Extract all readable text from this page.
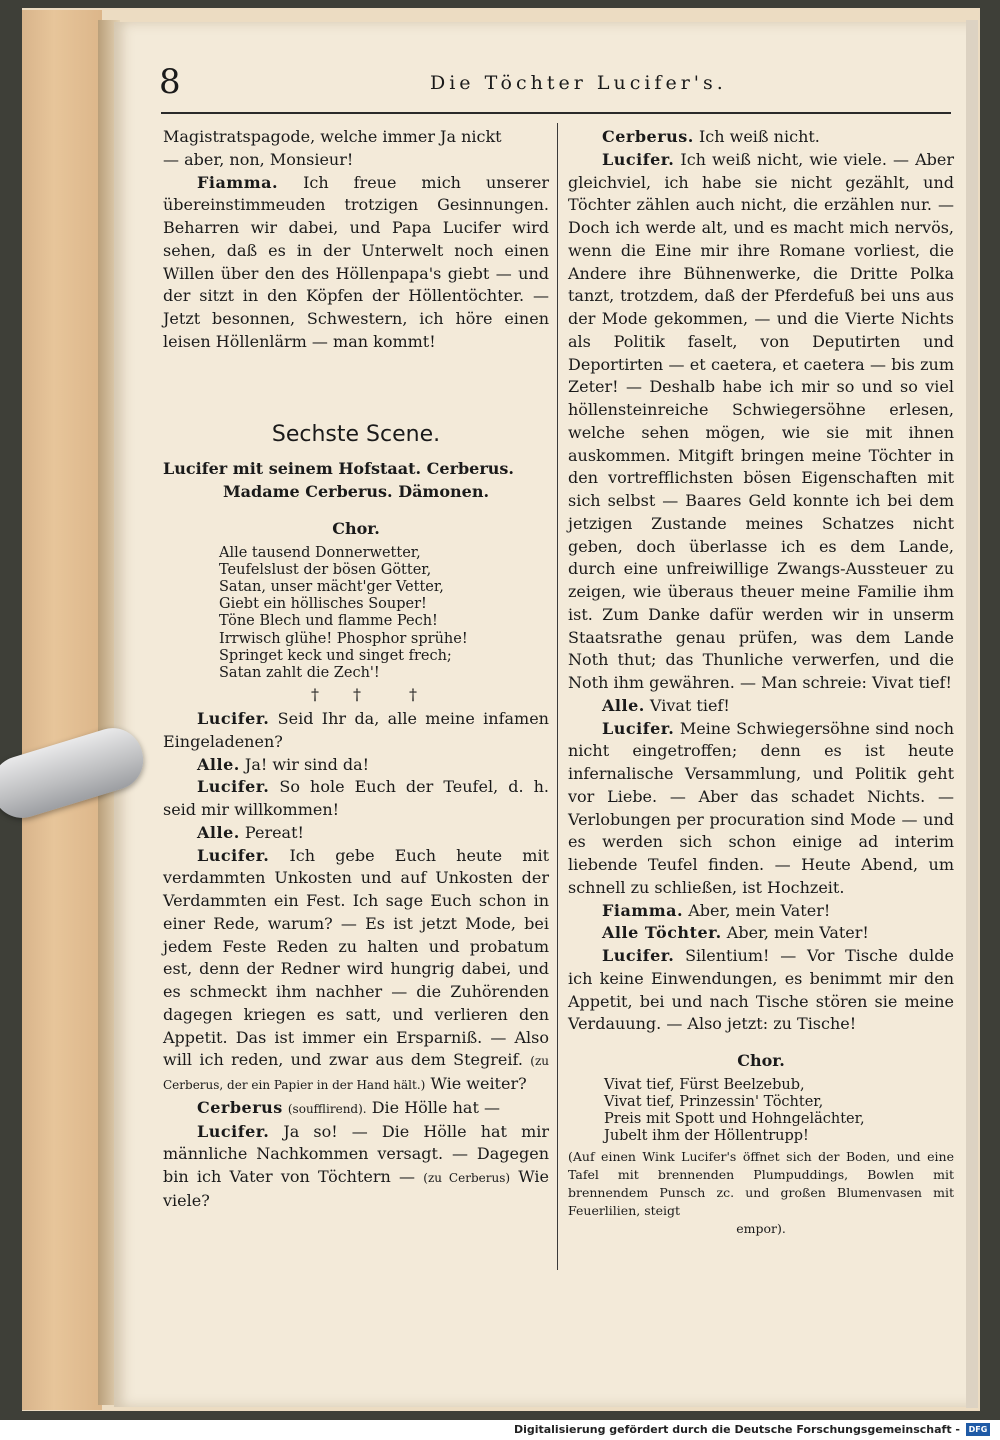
8	Die Töchter Lucifer's.

Magistratspagode, welche immer Ja nickt

— aber, non, Monsieur!

Fiamma. Ich freue mich unserer übereinstimmeuden trotzigen Gesinnungen. Beharren wir dabei, und Papa Lucifer wird sehen, daß es in der Unterwelt noch einen Willen über den des Höllenpapa's giebt — und der sitzt in den Köpfen der Höllentöchter. — Jetzt besonnen, Schwestern, ich höre einen leisen Höllenlärm — man kommt!

Sechste Scene.

Lucifer mit seinem Hofstaat. Cerberus.

Madame Cerberus. Dämonen.

Chor.
Alle tausend Donnerwetter,
Teufelslust der bösen Götter,
Satan, unser mächt'ger Vetter,
Giebt ein höllisches Souper!
Töne Blech und flamme Pech!
Irrwisch glühe! Phosphor sprühe!
Springet keck und singet frech;
Satan zahlt die Zech'!
† †	†

Lucifer. Seid Ihr da, alle meine infamen Eingeladenen?

Alle. Ja! wir sind da!

Lucifer. So hole Euch der Teufel, d. h. seid mir willkommen!

Alle. Pereat!

Lucifer. Ich gebe Euch heute mit verdammten Unkosten und auf Unkosten der Verdammten ein Fest. Ich sage Euch schon in einer Rede, warum? — Es ist jetzt Mode, bei jedem Feste Reden zu halten und probatum est, denn der Redner wird hungrig dabei, und es schmeckt ihm nachher — die Zuhörenden dagegen kriegen es satt, und verlieren den Appetit. Das ist immer ein Ersparniß. — Also will ich reden, und zwar aus dem Stegreif. (zu Cerberus, der ein Papier in der Hand hält.) Wie weiter?

Cerberus (soufflirend). Die Hölle hat —

Lucifer. Ja so! — Die Hölle hat mir männliche Nachkommen versagt. — Dagegen bin ich Vater von Töchtern — (zu Cerberus) Wie viele?

Cerberus. Ich weiß nicht.

Lucifer. Ich weiß nicht, wie viele. — Aber gleichviel, ich habe sie nicht gezählt, und Töchter zählen auch nicht, die erzählen nur. — Doch ich werde alt, und es macht mich nervös, wenn die Eine mir ihre Romane vorliest, die Andere ihre Bühnenwerke, die Dritte Polka tanzt, trotzdem, daß der Pferdefuß bei uns aus der Mode gekommen, — und die Vierte Nichts als Politik faselt, von Deputirten und Deportirten — et caetera, et caetera — bis zum Zeter! — Deshalb habe ich mir so und so viel höllensteinreiche Schwiegersöhne erlesen, welche sehen mögen, wie sie mit ihnen auskommen. Mitgift bringen meine Töchter in den vortrefflichsten bösen Eigenschaften mit sich selbst — Baares Geld konnte ich bei dem jetzigen Zustande meines Schatzes nicht geben, doch überlasse ich es dem Lande, durch eine unfreiwillige Zwangs-Aussteuer zu zeigen, wie überaus theuer meine Familie ihm ist. Zum Danke dafür werden wir in unserm Staatsrathe genau prüfen, was dem Lande Noth thut; das Thunliche verwerfen, und die Noth ihm gewähren. — Man schreie: Vivat tief!

Alle. Vivat tief!

Lucifer. Meine Schwiegersöhne sind noch nicht eingetroffen; denn es ist heute infernalische Versammlung, und Politik geht vor Liebe. — Aber das schadet Nichts. — Verlobungen per procuration sind Mode — und es werden sich schon einige ad interim liebende Teufel finden. — Heute Abend, um schnell zu schließen, ist Hochzeit.

Fiamma. Aber, mein Vater!

Alle Töchter. Aber, mein Vater!

Lucifer. Silentium! — Vor Tische dulde ich keine Einwendungen, es benimmt mir den Appetit, bei und nach Tische stören sie meine Verdauung. — Also jetzt: zu Tische!

Chor.
Vivat tief, Fürst Beelzebub,
Vivat tief, Prinzessin' Töchter,
Preis mit Spott und Hohngelächter,
Jubelt ihm der Höllentrupp!
(Auf einen Wink Lucifer's öffnet sich der Boden, und eine Tafel mit brennenden Plumpuddings, Bowlen mit brennendem Punsch zc. und großen Blumenvasen mit Feuerlilien, steigt
empor).
Digitalisierung gefördert durch die Deutsche Forschungsgemeinschaft -	DFG
